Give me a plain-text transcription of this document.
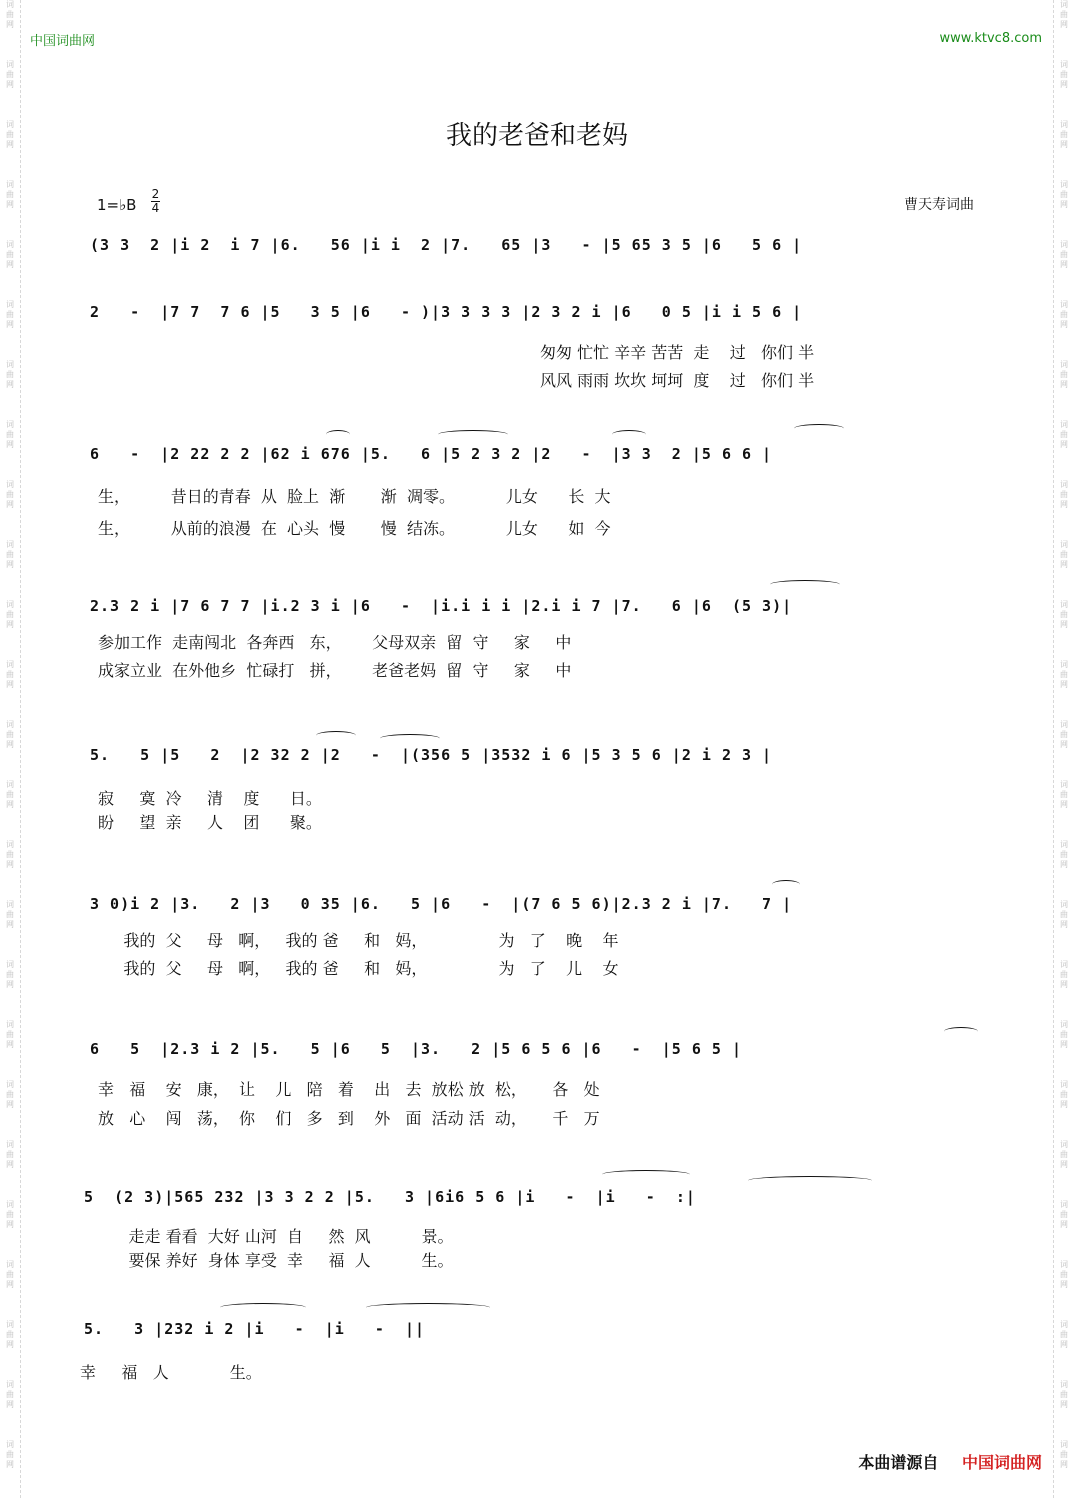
词
曲
网
词
曲
网
词
曲
网
词
曲
网
词
曲
网
词
曲
网
词
曲
网
词
曲
网
词
曲
网
词
曲
网
词
曲
网
词
曲
网
词
曲
网
词
曲
网
词
曲
网
词
曲
网
词
曲
网
词
曲
网
词
曲
网
词
曲
网
词
曲
网
词
曲
网
词
曲
网
词
曲
网
词
曲
网
词
曲
网
词
曲
网
词
曲
网
词
曲
网
词
曲
网
词
曲
网
词
曲
网
词
曲
网
词
曲
网
词
曲
网
词
曲
网
词
曲
网
词
曲
网
词
曲
网
词
曲
网
词
曲
网
词
曲
网
词
曲
网
词
曲
网
词
曲
网
词
曲
网
词
曲
网
词
曲
网
词
曲
网
词
曲
网
中国词曲网	www.ktvc8.com
我的老爸和老妈
1=♭B
2
4	曹天寿词曲
(3 3  2 |i 2  i 7 |6.   56 |i i  2 |7.   65 |3   - |5 65 3 5 |6   5 6 |
2   -  |7 7  7 6 |5   3 5 |6   - )|3 3 3 3 |2 3 2 i |6   0 5 |i i 5 6 |
匆匆 忙忙 辛辛 苦苦  走    过   你们 半
风风 雨雨 坎坎 坷坷  度    过   你们 半
6   -  |2 22 2 2 |62 i 676 |5.   6 |5 2 3 2 |2   -  |3 3  2 |5 6 6 |
生，        昔日的青春  从  脸上  渐       渐  凋零。          儿女      长  大
生，        从前的浪漫  在  心头  慢       慢  结冻。          儿女      如  今
2.3 2 i |7 6 7 7 |i.2 3 i |6   -  |i.i i i |2.i i 7 |7.   6 |6  (5 3)|
参加工作  走南闯北  各奔西   东，      父母双亲  留  守     家     中
成家立业  在外他乡  忙碌打   拼，      老爸老妈  留  守     家     中
5.   5 |5   2  |2 32 2 |2   -  |(356 5 |3532 i 6 |5 3 5 6 |2 i 2 3 |
寂     寞  冷     清    度      日。
盼     望  亲     人    团      聚。
3 0)i 2 |3.   2 |3   0 35 |6.   5 |6   -  |(7 6 5 6)|2.3 2 i |7.   7 |
我的  父     母   啊，   我的 爸     和   妈，              为   了    晚    年
我的  父     母   啊，   我的 爸     和   妈，              为   了    儿    女
6   5  |2.3 i 2 |5.   5 |6   5  |3.   2 |5 6 5 6 |6   -  |5 6 5 |
幸   福    安   康，  让    儿   陪   着    出   去  放松 放  松，     各   处
放   心    闯   荡，  你    们   多   到    外   面  活动 活  动，     千   万
5  (2 3)|565 232 |3 3 2 2 |5.   3 |6i6 5 6 |i   -  |i   -  :|
走走 看看  大好 山河  自     然  风          景。
要保 养好  身体 享受  幸     福  人          生。
5.   3 |232 i 2 |i   -  |i   -  ||
幸     福   人            生。
本曲谱源自 中国词曲网
